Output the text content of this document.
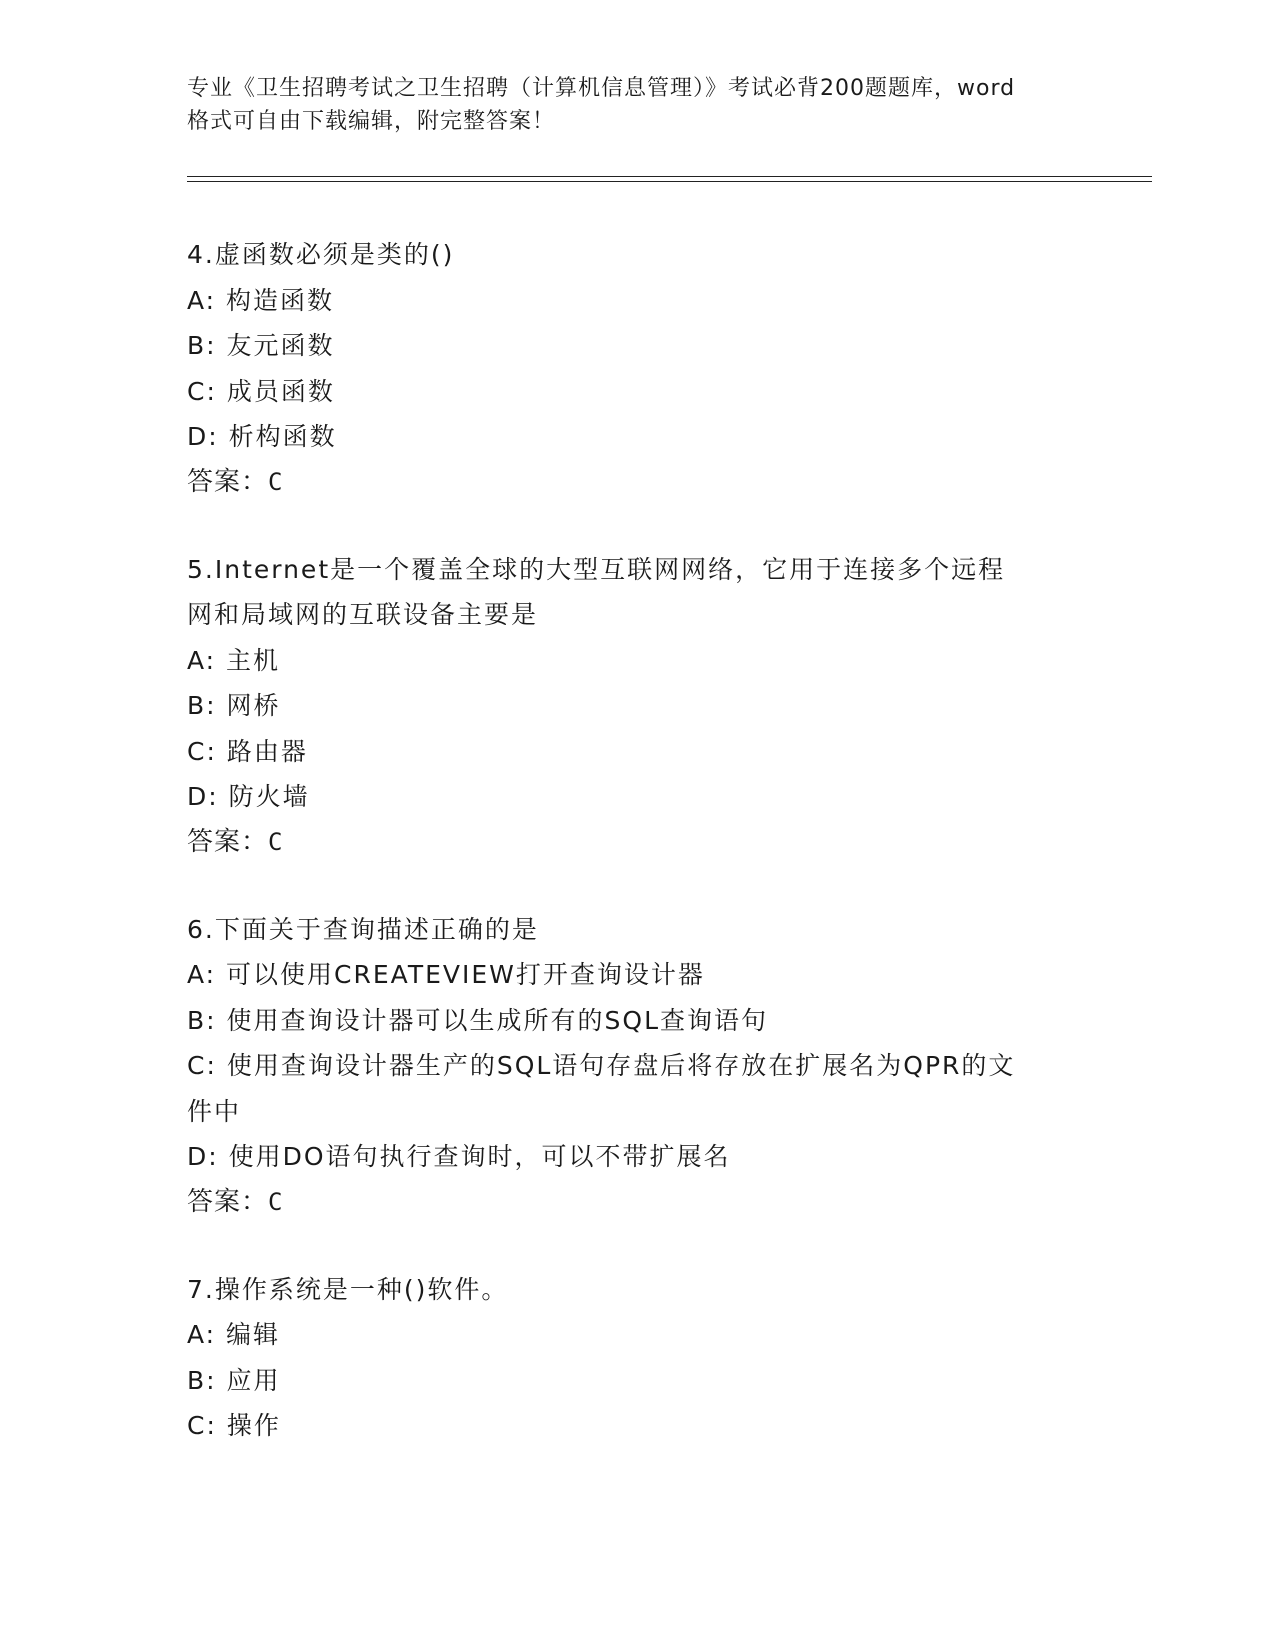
专业《卫生招聘考试之卫生招聘（计算机信息管理）》考试必背200题题库，word
格式可自由下载编辑，附完整答案！

4.虚函数必须是类的()

A: 构造函数

B: 友元函数

C: 成员函数

D: 析构函数

答案：C

5.Internet是一个覆盖全球的大型互联网网络，它用于连接多个远程

网和局域网的互联设备主要是

A: 主机

B: 网桥

C: 路由器

D: 防火墙

答案：C

6.下面关于查询描述正确的是

A: 可以使用CREATEVIEW打开查询设计器

B: 使用查询设计器可以生成所有的SQL查询语句

C: 使用查询设计器生产的SQL语句存盘后将存放在扩展名为QPR的文

件中

D: 使用DO语句执行查询时，可以不带扩展名

答案：C

7.操作系统是一种()软件。

A: 编辑

B: 应用

C: 操作
